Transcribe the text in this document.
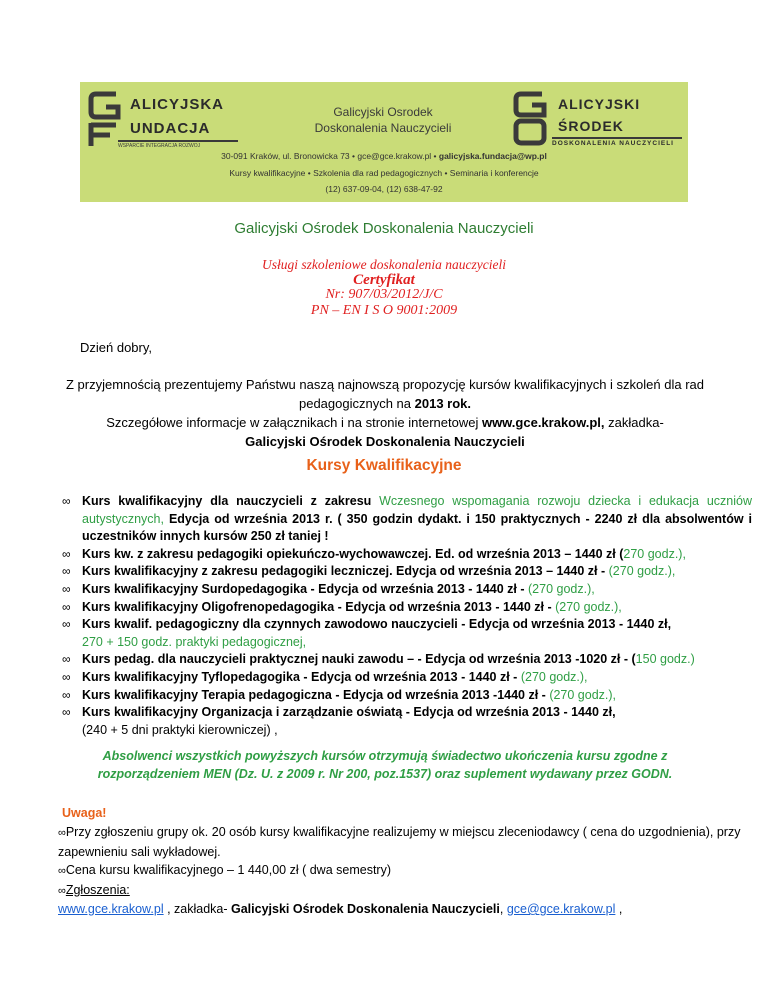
ALICYJSKA
UNDACJA
WSPARCIE INTEGRACJA ROZWOJ
Galicyjski Osrodek
Doskonalenia Nauczycieli
ALICYJSKI
ŚRODEK
DOSKONALENIA NAUCZYCIELI
30-091 Kraków, ul. Bronowicka 73 • gce@gce.krakow.pl • galicyjska.fundacja@wp.pl
Kursy kwalifikacyjne • Szkolenia dla rad pedagogicznych • Seminaria i konferencje
(12) 637-09-04, (12) 638-47-92
Galicyjski Ośrodek Doskonalenia Nauczycieli
Usługi szkoleniowe doskonalenia nauczycieli
Certyfikat
Nr: 907/03/2012/J/C
PN – EN I S O 9001:2009
Dzień dobry,
Z przyjemnością prezentujemy Państwu naszą najnowszą propozycję kursów kwalifikacyjnych i szkoleń dla rad pedagogicznych na 2013 rok.
Szczegółowe informacje w załącznikach i na stronie internetowej www.gce.krakow.pl, zakładka-
Galicyjski Ośrodek Doskonalenia Nauczycieli
Kursy Kwalifikacyjne
∞ Kurs kwalifikacyjny dla nauczycieli z zakresu Wczesnego wspomagania rozwoju dziecka i edukacja uczniów autystycznych, Edycja od września 2013 r. ( 350 godzin dydakt. i 150 praktycznych - 2240 zł dla absolwentów i uczestników innych kursów 250 zł taniej !
∞ Kurs kw. z zakresu pedagogiki opiekuńczo-wychowawczej. Ed. od września 2013 – 1440 zł (270 godz.),
∞ Kurs kwalifikacyjny z zakresu pedagogiki leczniczej. Edycja od września 2013 – 1440 zł - (270 godz.),
∞ Kurs kwalifikacyjny Surdopedagogika - Edycja od września 2013 - 1440 zł - (270 godz.),
∞ Kurs kwalifikacyjny Oligofrenopedagogika - Edycja od września 2013 - 1440 zł - (270 godz.),
∞ Kurs kwalif. pedagogiczny dla czynnych zawodowo nauczycieli - Edycja od września 2013 - 1440 zł,
270 + 150 godz. praktyki pedagogicznej,
∞ Kurs pedag. dla nauczycieli praktycznej nauki zawodu – - Edycja od września 2013 -1020 zł - (150 godz.)
∞ Kurs kwalifikacyjny Tyflopedagogika - Edycja od września 2013 - 1440 zł - (270 godz.),
∞ Kurs kwalifikacyjny Terapia pedagogiczna - Edycja od września 2013 -1440 zł - (270 godz.),
∞ Kurs kwalifikacyjny Organizacja i zarządzanie oświatą - Edycja od września 2013 - 1440 zł,
(240 + 5 dni praktyki kierowniczej) ,
Absolwenci wszystkich powyższych kursów otrzymują świadectwo ukończenia kursu zgodne z rozporządzeniem MEN (Dz. U. z 2009 r. Nr 200, poz.1537) oraz suplement wydawany przez GODN.
Uwaga!
∞Przy zgłoszeniu grupy ok. 20 osób kursy kwalifikacyjne realizujemy w miejscu zleceniodawcy ( cena do uzgodnienia), przy zapewnieniu sali wykładowej.
∞Cena kursu kwalifikacyjnego – 1 440,00 zł ( dwa semestry)
∞Zgłoszenia:
www.gce.krakow.pl , zakładka- Galicyjski Ośrodek Doskonalenia Nauczycieli, gce@gce.krakow.pl ,
